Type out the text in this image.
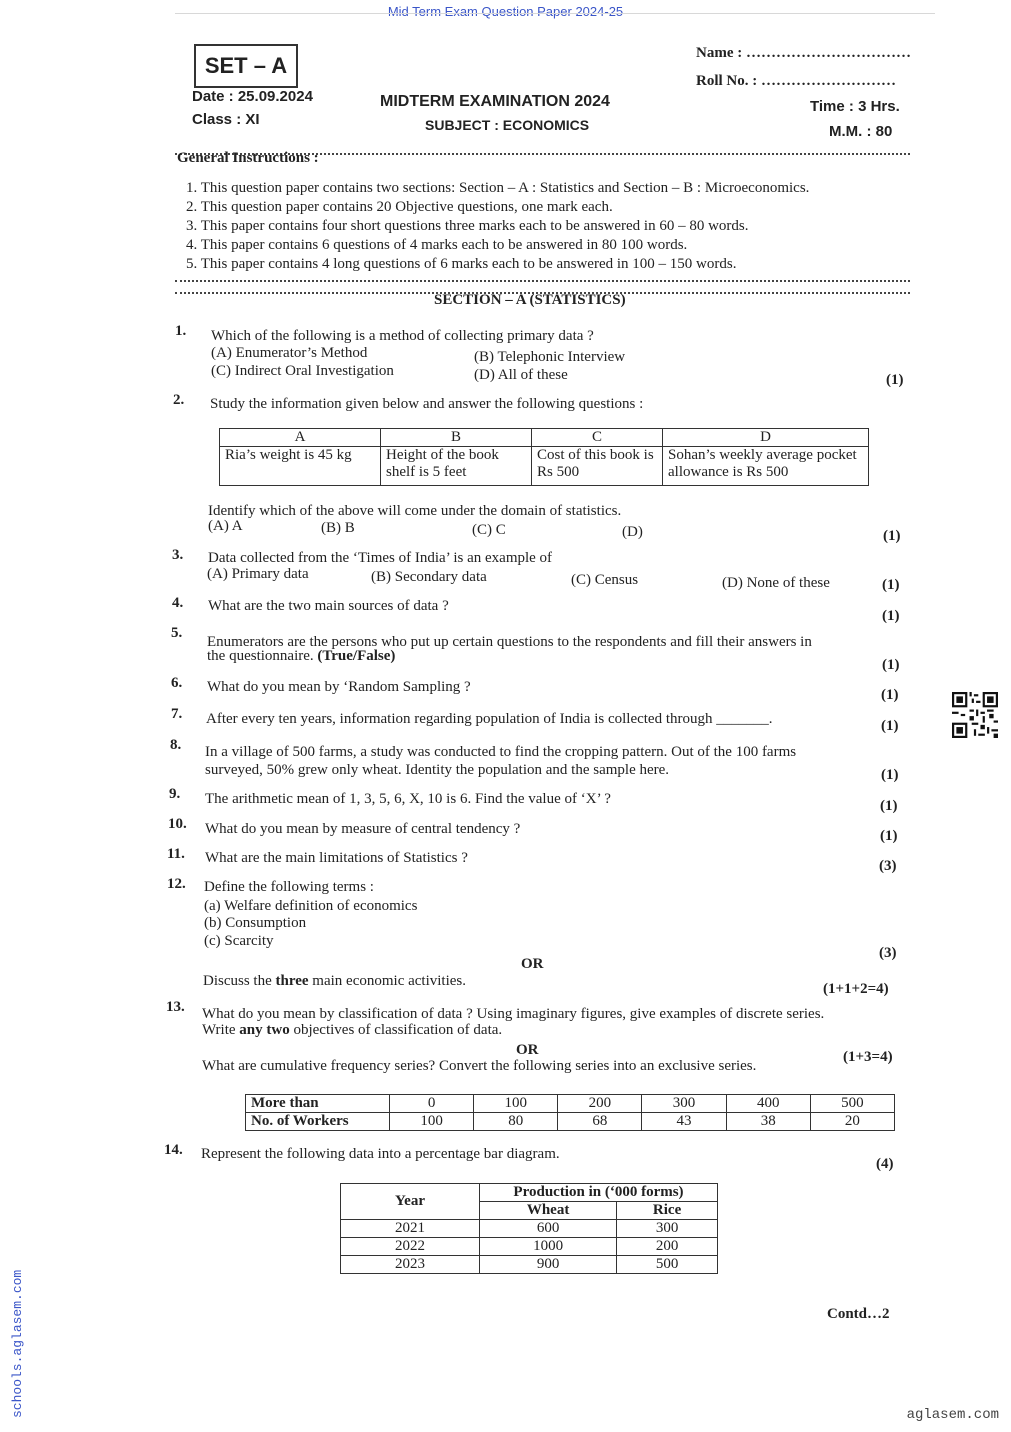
Mid Term Exam Question Paper 2024-25
SET – A
Date : 25.09.2024
Class : XI
MIDTERM EXAMINATION 2024
SUBJECT : ECONOMICS
Name : ……………………………
Roll No. : ………………………
Time : 3 Hrs.
M.M. : 80
General Instructions :
1. This question paper contains two sections: Section – A : Statistics and Section – B : Microeconomics.
2. This question paper contains 20 Objective questions, one mark each.
3. This paper contains four short questions three marks each to be answered in 60 – 80 words.
4. This paper contains 6 questions of 4 marks each to be answered in 80 100 words.
5. This paper contains 4 long questions of 6 marks each to be answered in 100 – 150 words.
SECTION – A (STATISTICS)
1. Which of the following is a method of collecting primary data ?
(A) Enumerator’s Method	(B) Telephonic Interview
(C) Indirect Oral Investigation	(D) All of these	(1)
2. Study the information given below and answer the following questions :
A	B	C	D
Ria’s weight is 45 kg	Height of the book shelf is 5 feet	Cost of this book is Rs 500	Sohan’s weekly average pocket allowance is Rs 500
Identify which of the above will come under the domain of statistics.
(A) A	(B) B	(C) C	(D)	(1)
3. Data collected from the ‘Times of India’ is an example of
(A) Primary data	(B) Secondary data	(C) Census	(D) None of these	(1)
4. What are the two main sources of data ?
(1)
5.
Enumerators are the persons who put up certain questions to the respondents and fill their answers in
the questionnaire. (True/False)
(1)
6. What do you mean by ‘Random Sampling ?	(1)
7. After every ten years, information regarding population of India is collected through _______.	(1)
8. In a village of 500 farms, a study was conducted to find the cropping pattern. Out of the 100 farms
surveyed, 50% grew only wheat. Identity the population and the sample here.	(1)
9. The arithmetic mean of 1, 3, 5, 6, X, 10 is 6. Find the value of ‘X’ ?	(1)
10. What do you mean by measure of central tendency ?	(1)
11. What are the main limitations of Statistics ?	(3)
12. Define the following terms :
(a) Welfare definition of economics
(b) Consumption
(c) Scarcity
(3)
OR
Discuss the three main economic activities.	(1+1+2=4)
13. What do you mean by classification of data ? Using imaginary figures, give examples of discrete series.
Write any two objectives of classification of data.
OR	(1+3=4)
What are cumulative frequency series? Convert the following series into an exclusive series.
More than	0	100	200	300	400	500
No. of Workers	100	80	68	43	38	20
14. Represent the following data into a percentage bar diagram.
(4)
Year	Production in (‘000 forms)	
	Wheat	Rice
2021	600	300
2022	1000	200
2023	900	500
Contd…2
schools.aglasem.com	aglasem.com
